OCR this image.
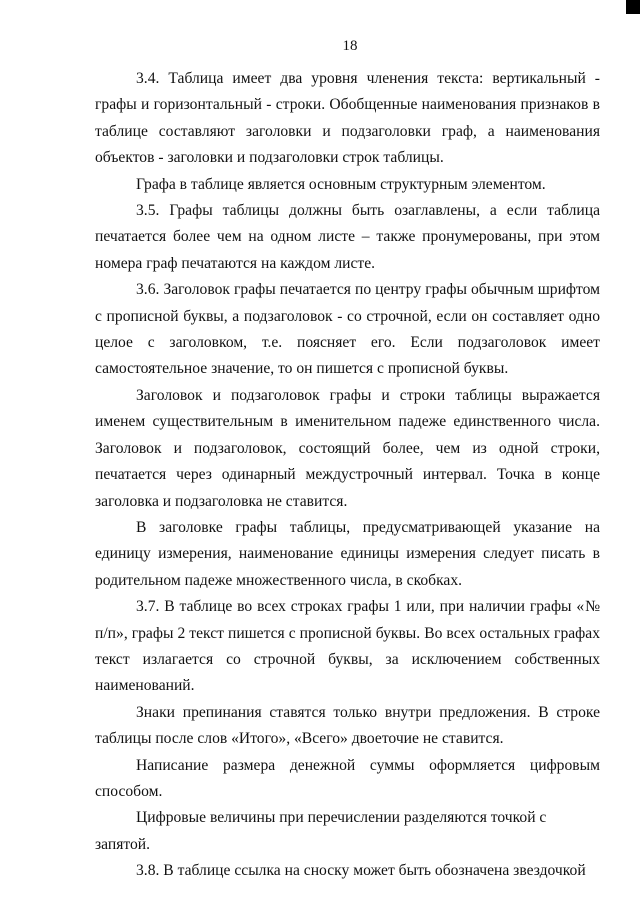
18

3.4. Таблица имеет два уровня членения текста: вертикальный - графы и горизонтальный - строки. Обобщенные наименования признаков в таблице составляют заголовки и подзаголовки граф, а наименования объектов - заголовки и подзаголовки строк таблицы.

Графа в таблице является основным структурным элементом.

3.5. Графы таблицы должны быть озаглавлены, а если таблица печатается более чем на одном листе – также пронумерованы, при этом номера граф печатаются на каждом листе.

3.6. Заголовок графы печатается по центру графы обычным шрифтом с прописной буквы, а подзаголовок - со строчной, если он составляет одно целое с заголовком, т.е. поясняет его. Если подзаголовок имеет самостоятельное значение, то он пишется с прописной буквы.

Заголовок и подзаголовок графы и строки таблицы выражается именем существительным в именительном падеже единственного числа. Заголовок и подзаголовок, состоящий более, чем из одной строки, печатается через одинарный междустрочный интервал. Точка в конце заголовка и подзаголовка не ставится.

В заголовке графы таблицы, предусматривающей указание на единицу измерения, наименование единицы измерения следует писать в родительном падеже множественного числа, в скобках.

3.7. В таблице во всех строках графы 1 или, при наличии графы «№ п/п», графы 2 текст пишется с прописной буквы. Во всех остальных графах текст излагается со строчной буквы, за исключением собственных наименований.

Знаки препинания ставятся только внутри предложения. В строке таблицы после слов «Итого», «Всего» двоеточие не ставится.

Написание размера денежной суммы оформляется цифровым способом.

Цифровые величины при перечислении разделяются точкой с запятой.

3.8. В таблице ссылка на сноску может быть обозначена звездочкой
